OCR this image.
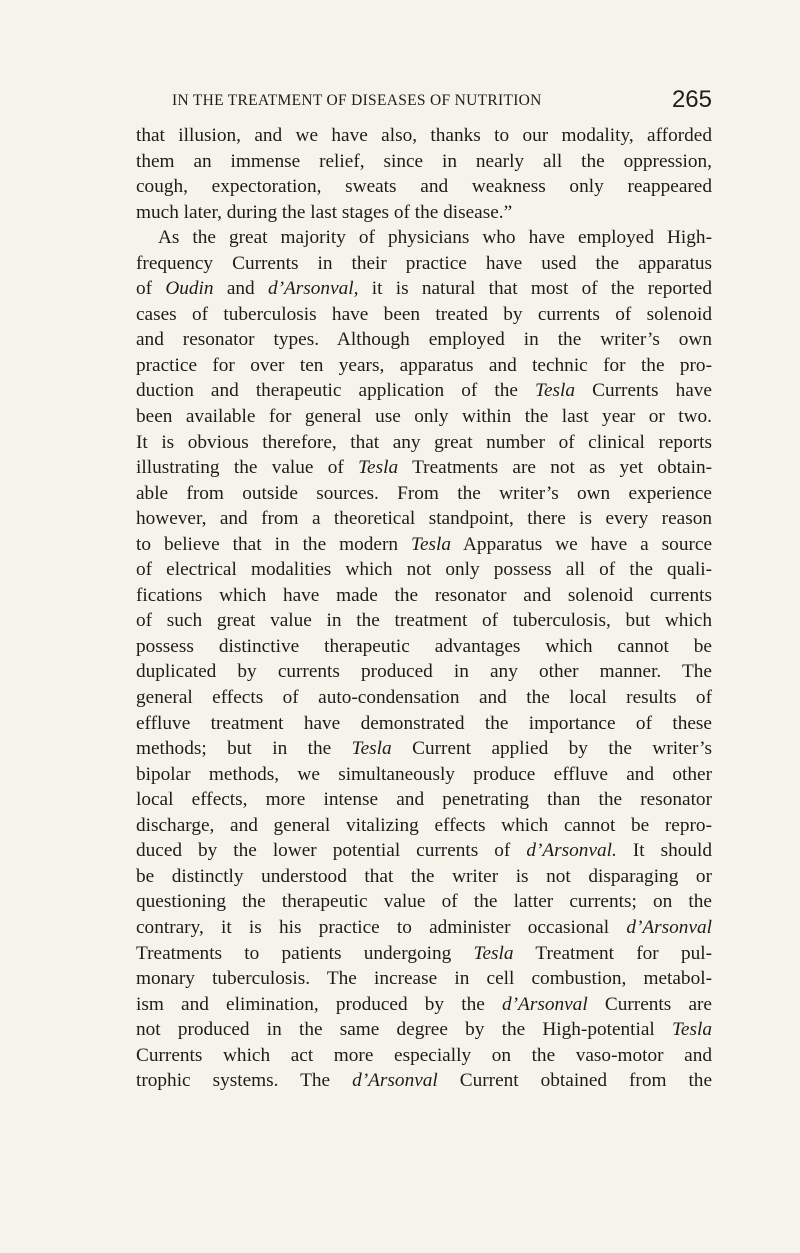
IN THE TREATMENT OF DISEASES OF NUTRITION	265
that illusion, and we have also, thanks to our modality, afforded
them an immense relief, since in nearly all the oppression,
cough, expectoration, sweats and weakness only reappeared
much later, during the last stages of the disease.”
As the great majority of physicians who have employed High-
frequency Currents in their practice have used the apparatus
of Oudin and d’Arsonval, it is natural that most of the reported
cases of tuberculosis have been treated by currents of solenoid
and resonator types. Although employed in the writer’s own
practice for over ten years, apparatus and technic for the pro-
duction and therapeutic application of the Tesla Currents have
been available for general use only within the last year or two.
It is obvious therefore, that any great number of clinical reports
illustrating the value of Tesla Treatments are not as yet obtain-
able from outside sources. From the writer’s own experience
however, and from a theoretical standpoint, there is every reason
to believe that in the modern Tesla Apparatus we have a source
of electrical modalities which not only possess all of the quali-
fications which have made the resonator and solenoid currents
of such great value in the treatment of tuberculosis, but which
possess distinctive therapeutic advantages which cannot be
duplicated by currents produced in any other manner. The
general effects of auto-condensation and the local results of
effluve treatment have demonstrated the importance of these
methods; but in the Tesla Current applied by the writer’s
bipolar methods, we simultaneously produce effluve and other
local effects, more intense and penetrating than the resonator
discharge, and general vitalizing effects which cannot be repro-
duced by the lower potential currents of d’Arsonval. It should
be distinctly understood that the writer is not disparaging or
questioning the therapeutic value of the latter currents; on the
contrary, it is his practice to administer occasional d’Arsonval
Treatments to patients undergoing Tesla Treatment for pul-
monary tuberculosis. The increase in cell combustion, metabol-
ism and elimination, produced by the d’Arsonval Currents are
not produced in the same degree by the High-potential Tesla
Currents which act more especially on the vaso-motor and
trophic systems. The d’Arsonval Current obtained from the
